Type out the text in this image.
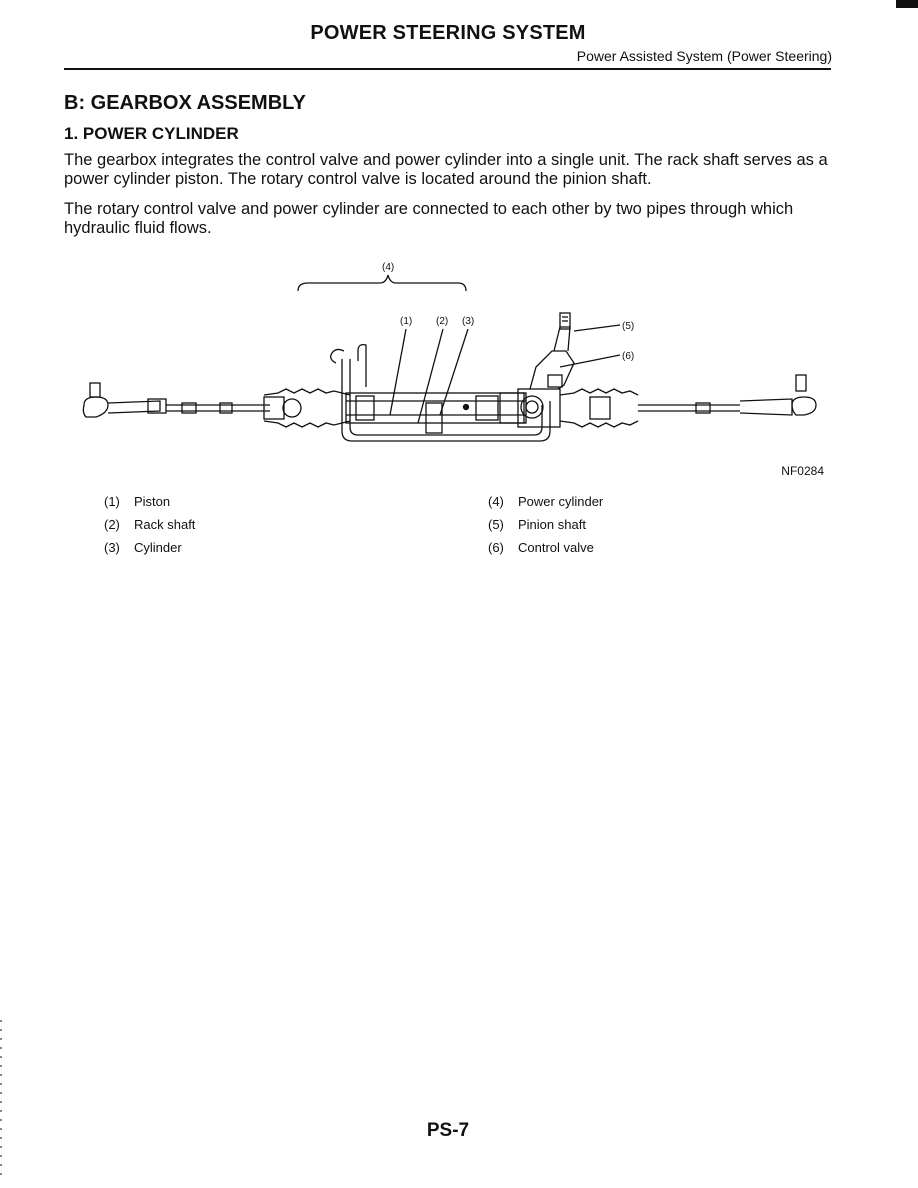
POWER STEERING SYSTEM
Power Assisted System (Power Steering)
B: GEARBOX ASSEMBLY
1. POWER CYLINDER

The gearbox integrates the control valve and power cylinder into a single unit. The rack shaft serves as a power cylinder piston. The rotary control valve is located around the pinion shaft.

The rotary control valve and power cylinder are connected to each other by two pipes through which hydraulic fluid flows.

(4)
(1) (2) (3)	(5)
(6)
NF0284
(1)	Piston
(2)	Rack shaft
(3)	Cylinder
(4)	Power cylinder
(5)	Pinion shaft
(6)	Control valve
PS-7
